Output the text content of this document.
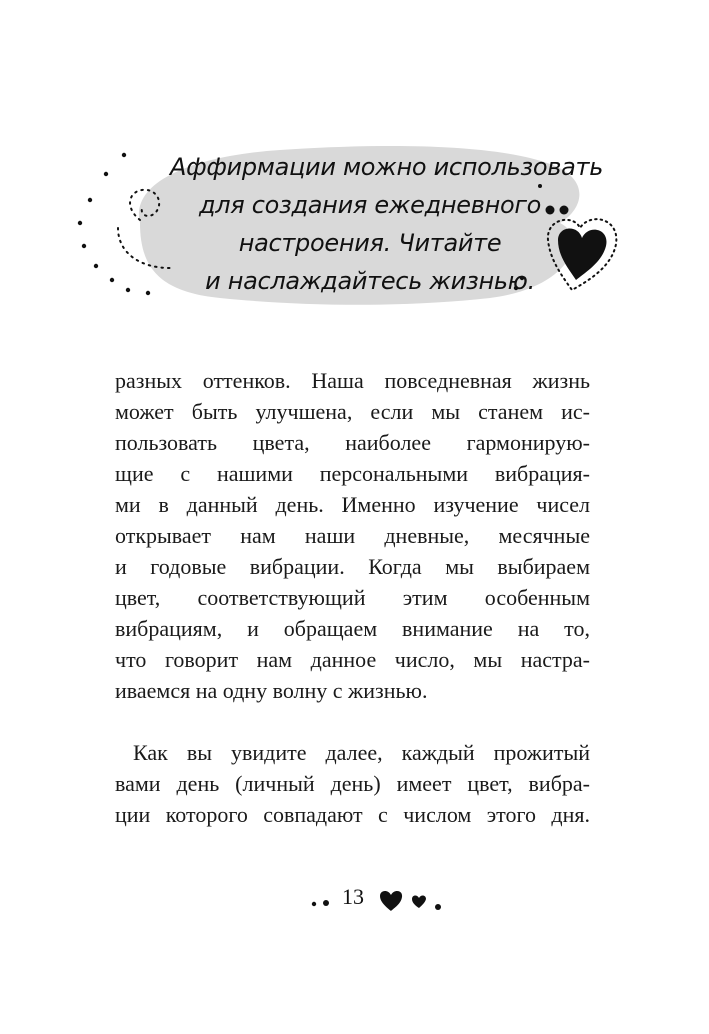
Аффирмации можно использовать
для создания ежедневного
настроения. Читайте
и наслаждайтесь жизнью.
разных оттенков. Наша повседневная жизнь
может быть улучшена, если мы станем ис-
пользовать цвета, наиболее гармонирую-
щие с нашими персональными вибрация-
ми в данный день. Именно изучение чисел
открывает нам наши дневные, месячные
и годовые вибрации. Когда мы выбираем
цвет, соответствующий этим особенным
вибрациям, и обращаем внимание на то,
что говорит нам данное число, мы настра-
иваемся на одну волну с жизнью.
Как вы увидите далее, каждый прожитый
вами день (личный день) имеет цвет, вибра-
ции которого совпадают с числом этого дня.
13
